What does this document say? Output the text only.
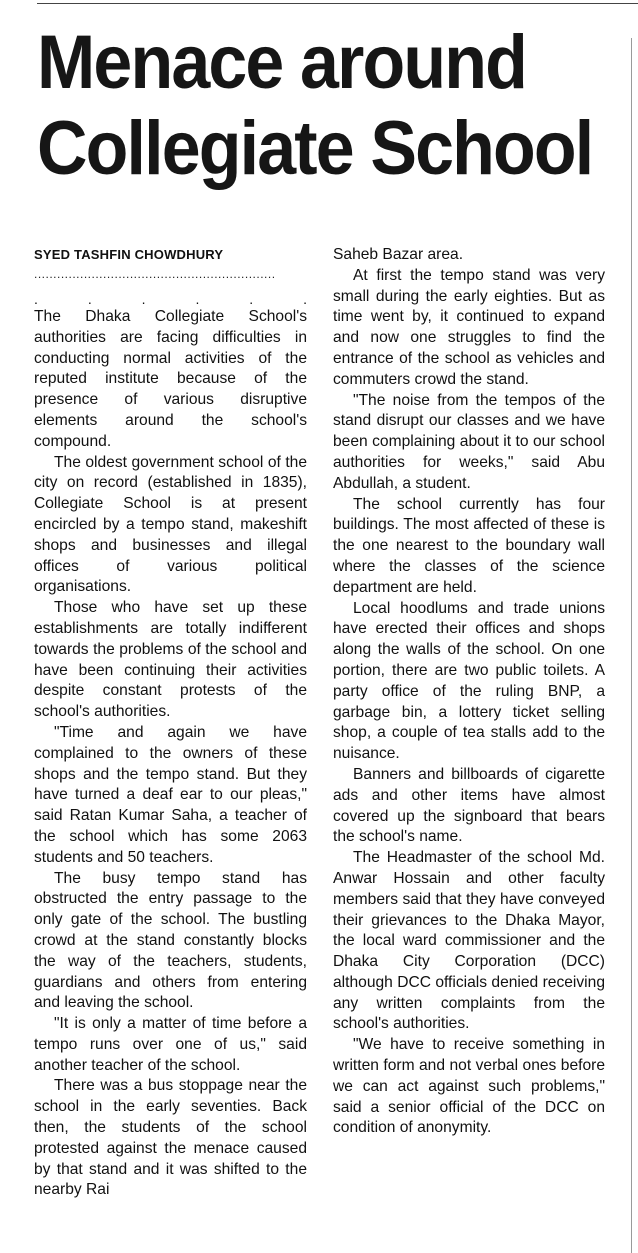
Menace around
Collegiate School

SYED TASHFIN CHOWDHURY

...............................................................

.	.	.	.	.	.

The Dhaka Collegiate School's authorities are facing difficulties in conducting normal activities of the reputed institute because of the presence of various disruptive elements around the school's compound.

The oldest government school of the city on record (established in 1835), Collegiate School is at present encircled by a tempo stand, makeshift shops and businesses and illegal offices of various political organisations.

Those who have set up these establishments are totally indifferent towards the problems of the school and have been continuing their activities despite constant protests of the school's authorities.

"Time and again we have complained to the owners of these shops and the tempo stand. But they have turned a deaf ear to our pleas," said Ratan Kumar Saha, a teacher of the school which has some 2063 students and 50 teachers.

The busy tempo stand has obstructed the entry passage to the only gate of the school. The bustling crowd at the stand constantly blocks the way of the teachers, students, guardians and others from entering and leaving the school.

"It is only a matter of time before a tempo runs over one of us," said another teacher of the school.

There was a bus stoppage near the school in the early seventies. Back then, the students of the school protested against the menace caused by that stand and it was shifted to the nearby Rai

Saheb Bazar area.

At first the tempo stand was very small during the early eighties. But as time went by, it continued to expand and now one struggles to find the entrance of the school as vehicles and commuters crowd the stand.

"The noise from the tempos of the stand disrupt our classes and we have been complaining about it to our school authorities for weeks," said Abu Abdullah, a student.

The school currently has four buildings. The most affected of these is the one nearest to the boundary wall where the classes of the science department are held.

Local hoodlums and trade unions have erected their offices and shops along the walls of the school. On one portion, there are two public toilets. A party office of the ruling BNP, a garbage bin, a lottery ticket selling shop, a couple of tea stalls add to the nuisance.

Banners and billboards of cigarette ads and other items have almost covered up the signboard that bears the school's name.

The Headmaster of the school Md. Anwar Hossain and other faculty members said that they have conveyed their grievances to the Dhaka Mayor, the local ward commissioner and the Dhaka City Corporation (DCC) although DCC officials denied receiving any written complaints from the school's authorities.

"We have to receive something in written form and not verbal ones before we can act against such problems," said a senior official of the DCC on condition of anonymity.
